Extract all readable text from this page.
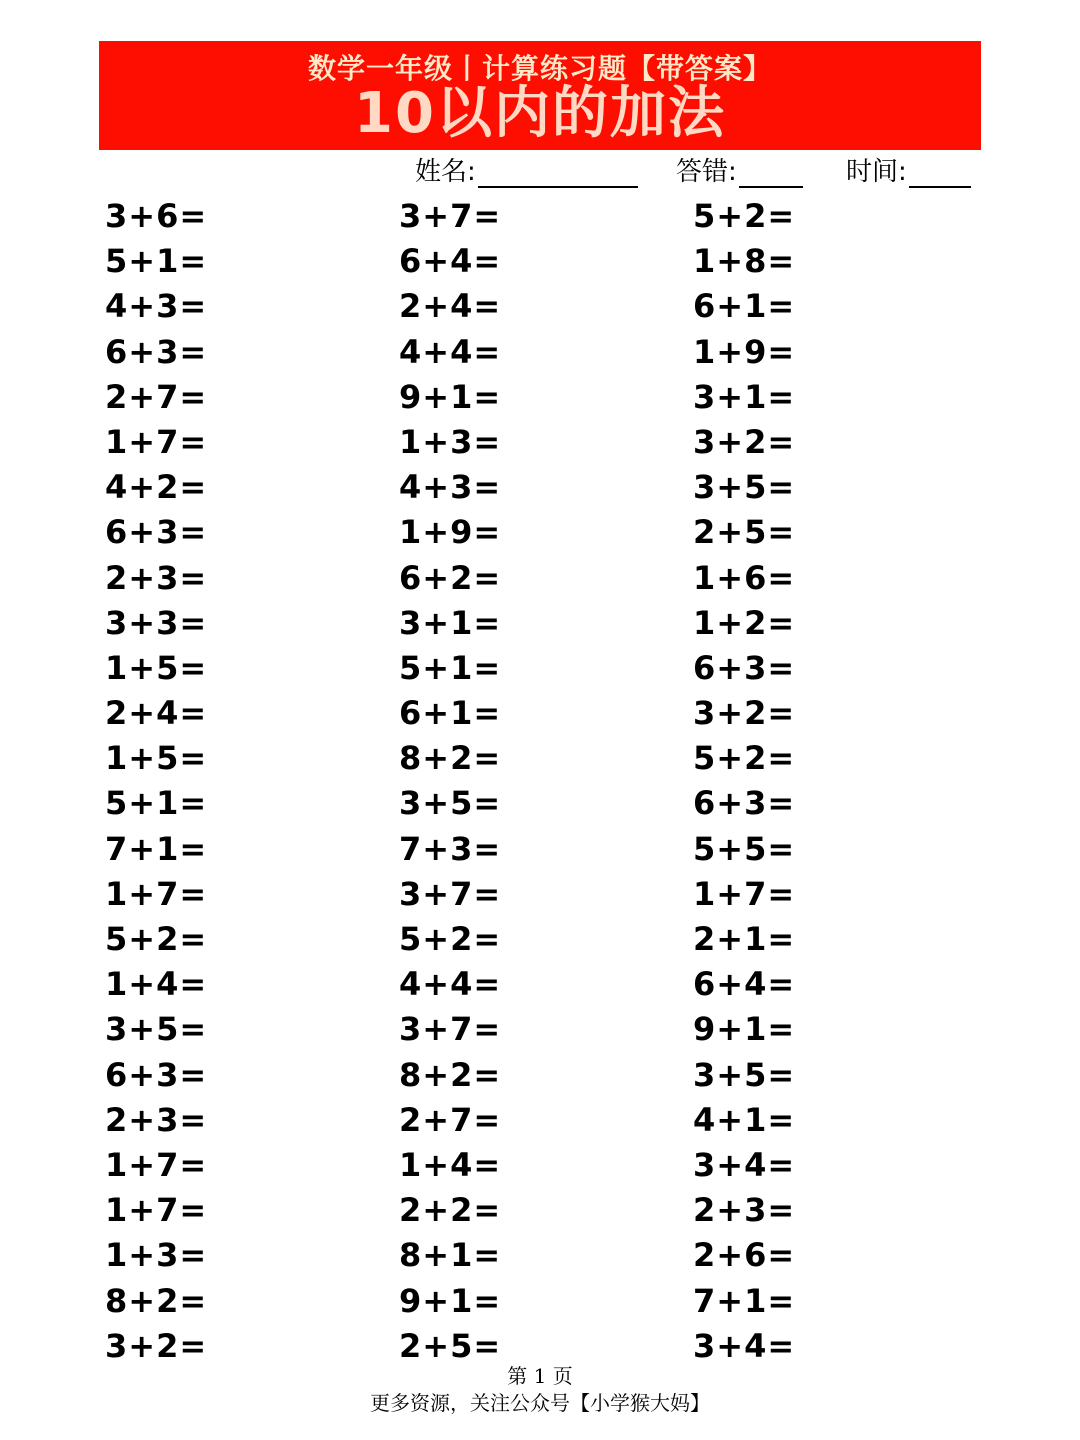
数学一年级丨计算练习题【带答案】
10以内的加法
姓名:	答错:	时间:
3+6=
5+1=
4+3=
6+3=
2+7=
1+7=
4+2=
6+3=
2+3=
3+3=
1+5=
2+4=
1+5=
5+1=
7+1=
1+7=
5+2=
1+4=
3+5=
6+3=
2+3=
1+7=
1+7=
1+3=
8+2=
3+2=
3+7=
6+4=
2+4=
4+4=
9+1=
1+3=
4+3=
1+9=
6+2=
3+1=
5+1=
6+1=
8+2=
3+5=
7+3=
3+7=
5+2=
4+4=
3+7=
8+2=
2+7=
1+4=
2+2=
8+1=
9+1=
2+5=
5+2=
1+8=
6+1=
1+9=
3+1=
3+2=
3+5=
2+5=
1+6=
1+2=
6+3=
3+2=
5+2=
6+3=
5+5=
1+7=
2+1=
6+4=
9+1=
3+5=
4+1=
3+4=
2+3=
2+6=
7+1=
3+4=
第 1 页
更多资源，关注公众号【小学猴大妈】
